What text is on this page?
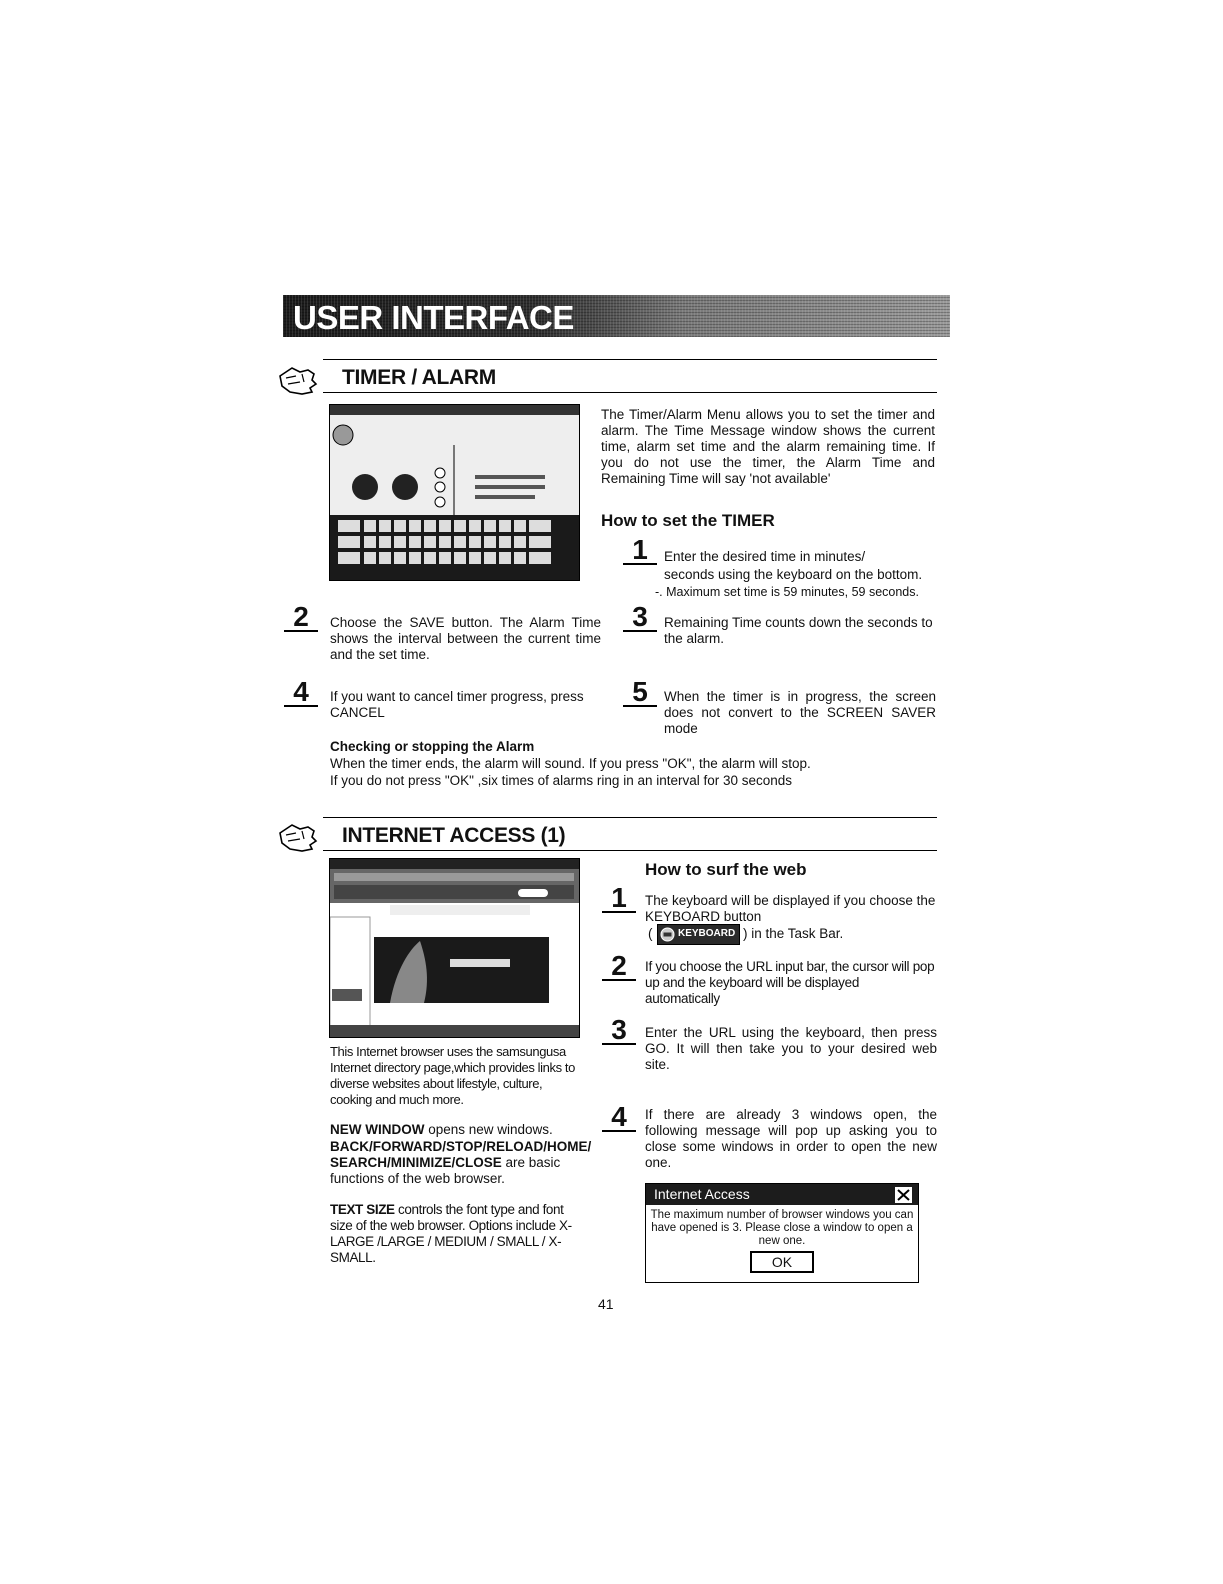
USER INTERFACE
TIMER / ALARM
The Timer/Alarm Menu allows you to set the timer and alarm. The Time Message window shows the current time, alarm set time and the alarm remaining time. If you do not use the timer, the Alarm Time and Remaining Time will say 'not available'
How to set the TIMER
1	Enter the desired time in minutes/
seconds using the keyboard on the bottom.
-. Maximum set time is 59 minutes, 59 seconds.
2	Choose the SAVE button. The Alarm Time shows the interval between the current time and the set time.
3	Remaining Time counts down the seconds to the alarm.
4	If you want to cancel timer progress, press CANCEL
5	When the timer is in progress, the screen does not convert to the SCREEN SAVER mode
Checking or stopping the Alarm
When the timer ends, the alarm will sound. If you press "OK", the alarm will stop.
If you do not press "OK" ,six times of alarms ring in an interval for 30 seconds
INTERNET ACCESS (1)
This Internet browser uses the samsungusa Internet directory page,which provides links to diverse websites about lifestyle, culture, cooking and much more.
NEW WINDOW opens new windows.
BACK/FORWARD/STOP/RELOAD/HOME/ SEARCH/MINIMIZE/CLOSE are basic functions of the web browser.
TEXT SIZE controls the font type and font size of the web browser. Options include X-LARGE /LARGE / MEDIUM / SMALL / X-SMALL.
How to surf the web
1	The keyboard will be displayed if you choose the KEYBOARD button
(	KEYBOARD ) in the Task Bar.
2	If you choose the URL input bar, the cursor will pop up and the keyboard will be displayed automatically
3	Enter the URL using the keyboard, then press GO. It will then take you to your desired web site.
4	If there are already 3 windows open, the following message will pop up asking you to close some windows in order to open the new one.
Internet Access
The maximum number of browser windows you can have opened is 3. Please close a window to open a new one.
OK
41
